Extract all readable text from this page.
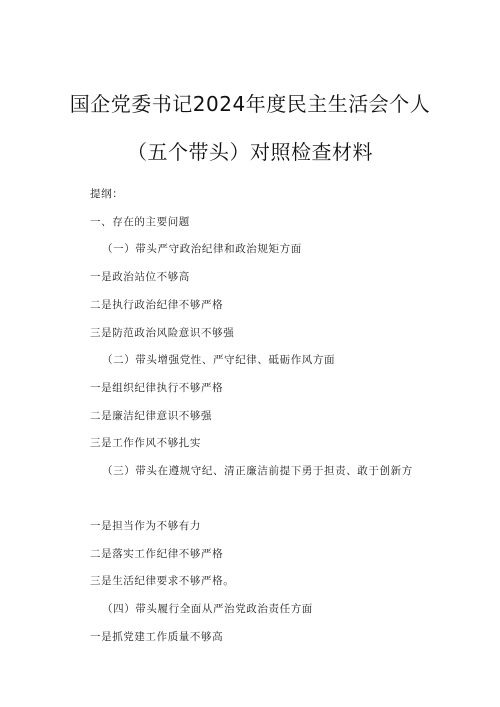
国企党委书记2024年度民主生活会个人
（五个带头）对照检查材料
提纲：
一、存在的主要问题
（一）带头严守政治纪律和政治规矩方面
一是政治站位不够高
二是执行政治纪律不够严格
三是防范政治风险意识不够强
（二）带头增强党性、严守纪律、砥砺作风方面
一是组织纪律执行不够严格
二是廉洁纪律意识不够强
三是工作作风不够扎实
（三）带头在遵规守纪、清正廉洁前提下勇于担责、敢于创新方
一是担当作为不够有力
二是落实工作纪律不够严格
三是生活纪律要求不够严格。
（四）带头履行全面从严治党政治责任方面
一是抓党建工作质量不够高
